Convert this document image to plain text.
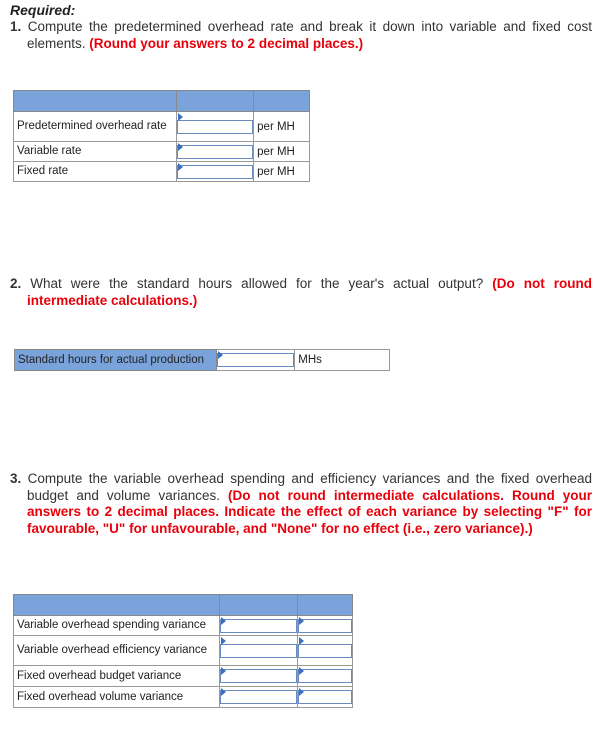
Required:
1. Compute the predetermined overhead rate and break it down into variable and fixed cost elements. (Round your answers to 2 decimal places.)

Predetermined overhead rate		per MH
Variable rate		per MH
Fixed rate		per MH
2. What were the standard hours allowed for the year's actual output? (Do not round intermediate calculations.)
Standard hours for actual production		MHs
3. Compute the variable overhead spending and efficiency variances and the fixed overhead budget and volume variances. (Do not round intermediate calculations. Round your answers to 2 decimal places. Indicate the effect of each variance by selecting "F" for favourable, "U" for unfavourable, and "None" for no effect (i.e., zero variance).)

Variable overhead spending variance	

Variable overhead efficiency variance	

Fixed overhead budget variance	

Fixed overhead volume variance	
